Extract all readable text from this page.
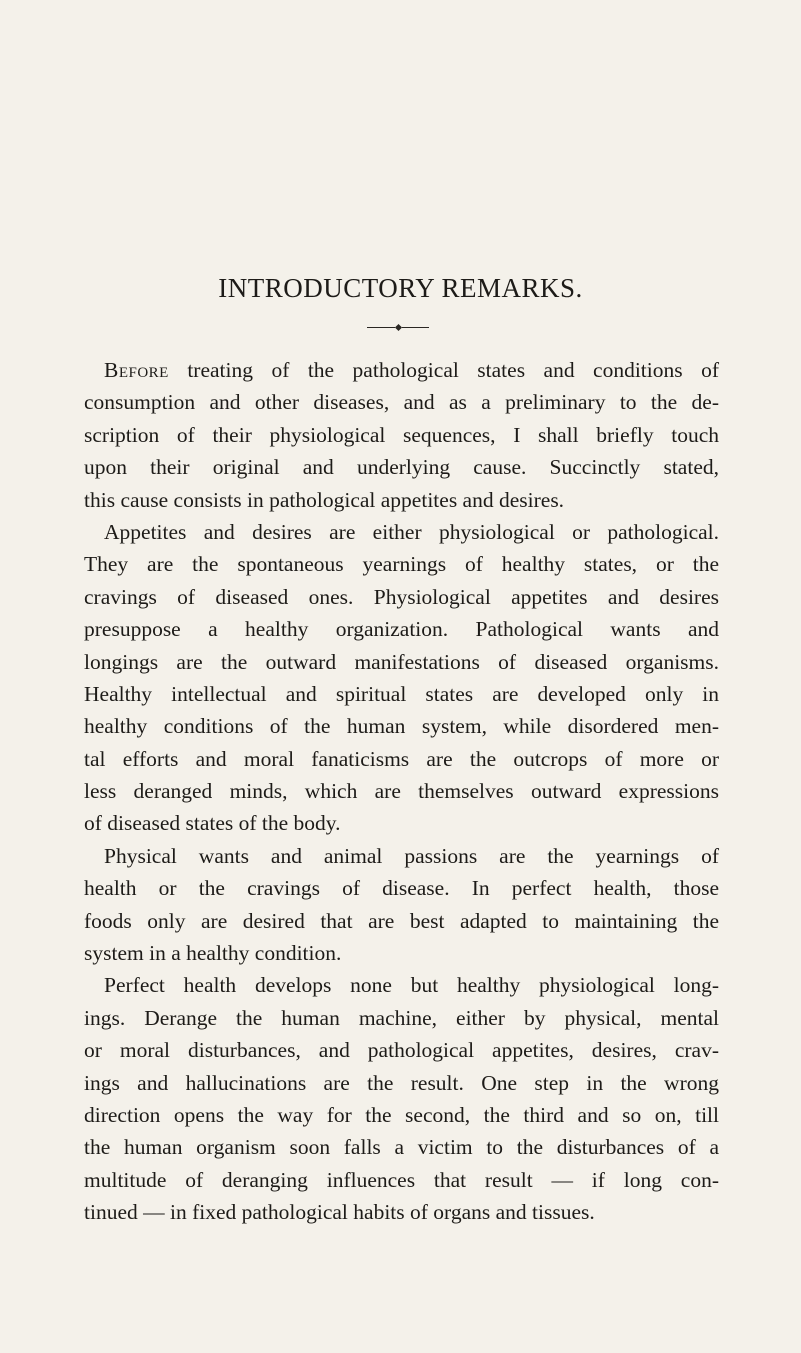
INTRODUCTORY REMARKS.
Before treating of the pathological states and conditions of
consumption and other diseases, and as a preliminary to the de-
scription of their physiological sequences, I shall briefly touch
upon their original and underlying cause. Succinctly stated,
this cause consists in pathological appetites and desires.
Appetites and desires are either physiological or pathological.
They are the spontaneous yearnings of healthy states, or the
cravings of diseased ones. Physiological appetites and desires
presuppose a healthy organization. Pathological wants and
longings are the outward manifestations of diseased organisms.
Healthy intellectual and spiritual states are developed only in
healthy conditions of the human system, while disordered men-
tal efforts and moral fanaticisms are the outcrops of more or
less deranged minds, which are themselves outward expressions
of diseased states of the body.
Physical wants and animal passions are the yearnings of
health or the cravings of disease. In perfect health, those
foods only are desired that are best adapted to maintaining the
system in a healthy condition.
Perfect health develops none but healthy physiological long-
ings. Derange the human machine, either by physical, mental
or moral disturbances, and pathological appetites, desires, crav-
ings and hallucinations are the result. One step in the wrong
direction opens the way for the second, the third and so on, till
the human organism soon falls a victim to the disturbances of a
multitude of deranging influences that result — if long con-
tinued — in fixed pathological habits of organs and tissues.
